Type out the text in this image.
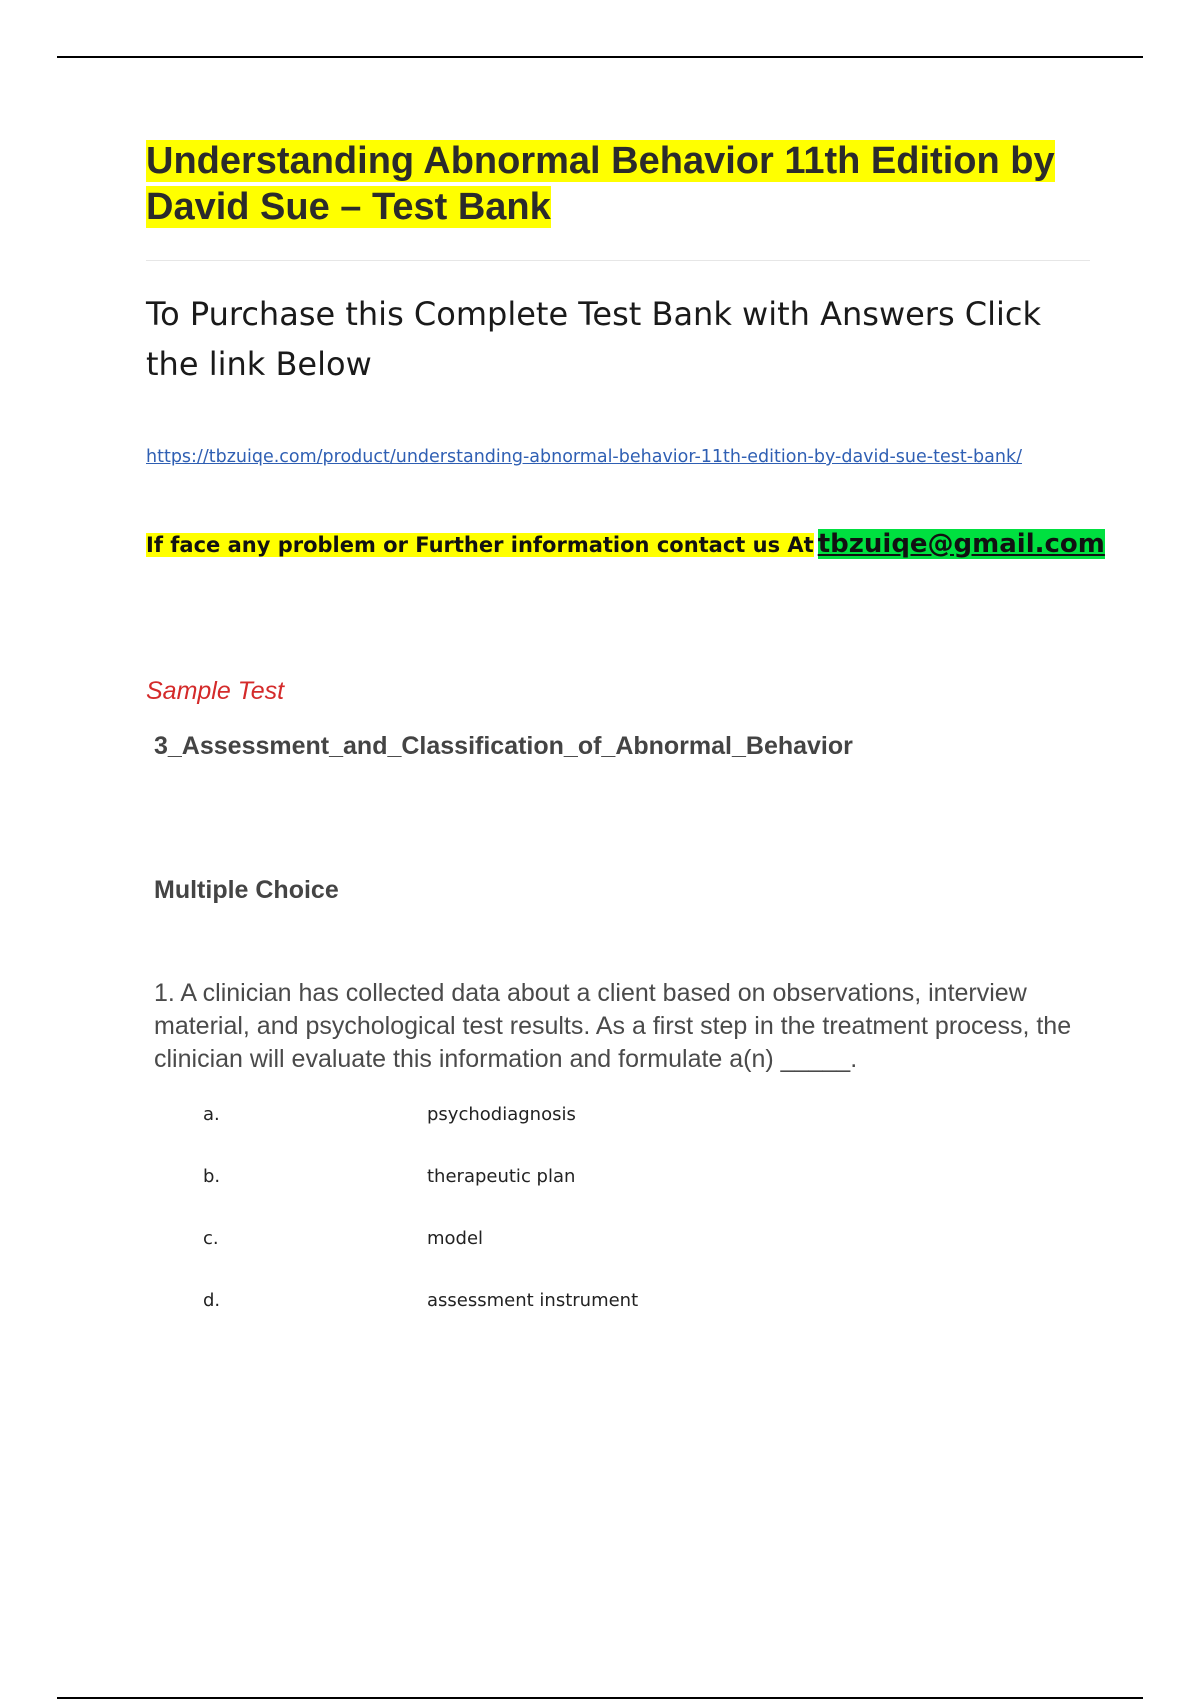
Understanding Abnormal Behavior 11th Edition by
David Sue – Test Bank

To Purchase this Complete Test Bank with Answers Click the link Below

https://tbzuiqe.com/product/understanding-abnormal-behavior-11th-edition-by-david-sue-test-bank/
If face any problem or Further information contact us At tbzuiqe@gmail.com
Sample Test
3_Assessment_and_Classification_of_Abnormal_Behavior
Multiple Choice
1. A clinician has collected data about a client based on observations, interview material, and psychological test results. As a first step in the treatment process, the clinician will evaluate this information and formulate a(n) _____.
a.	psychodiagnosis
b.	therapeutic plan
c.	model
d.	assessment instrument
